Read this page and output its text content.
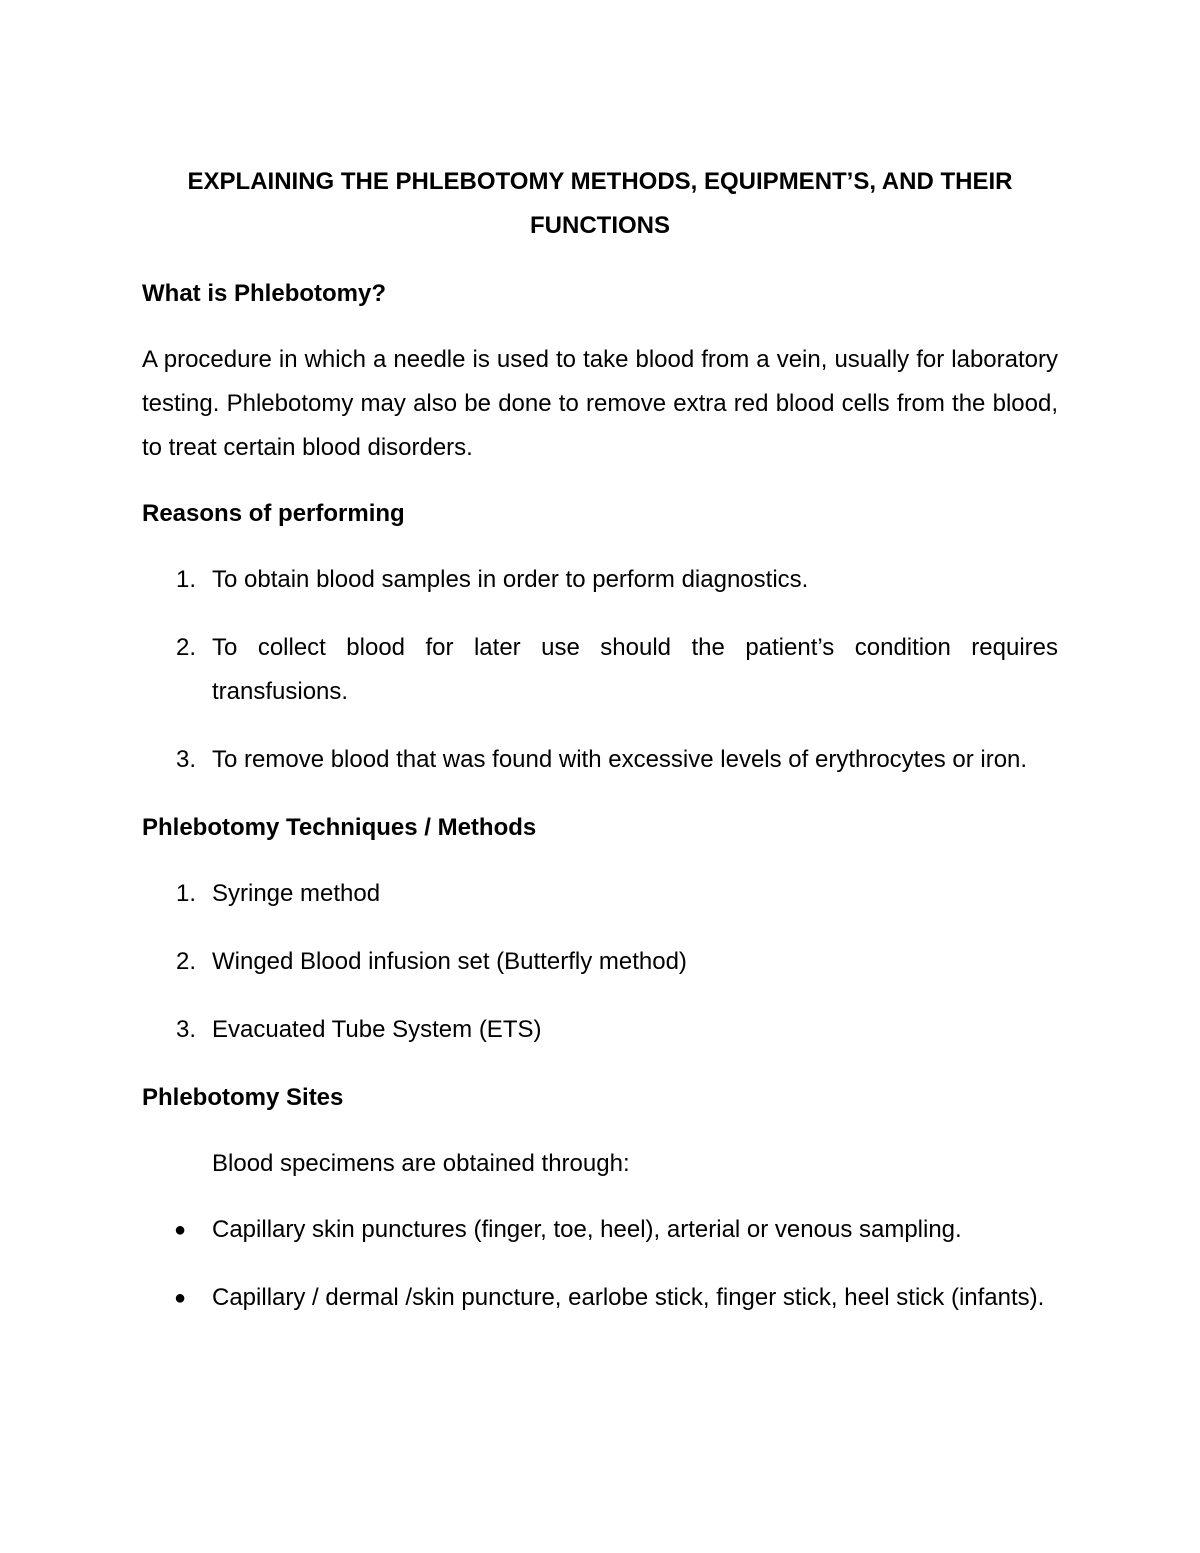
EXPLAINING THE PHLEBOTOMY METHODS, EQUIPMENT’S, AND THEIR FUNCTIONS

What is Phlebotomy?

A procedure in which a needle is used to take blood from a vein, usually for laboratory testing. Phlebotomy may also be done to remove extra red blood cells from the blood, to treat certain blood disorders.

Reasons of performing

1. To obtain blood samples in order to perform diagnostics.
2. To collect blood for later use should the patient’s condition requires transfusions.
3. To remove blood that was found with excessive levels of erythrocytes or iron.

Phlebotomy Techniques / Methods

1. Syringe method
2. Winged Blood infusion set (Butterfly method)
3. Evacuated Tube System (ETS)

Phlebotomy Sites

Blood specimens are obtained through:

● Capillary skin punctures (finger, toe, heel), arterial or venous sampling.
● Capillary / dermal /skin puncture, earlobe stick, finger stick, heel stick (infants).
